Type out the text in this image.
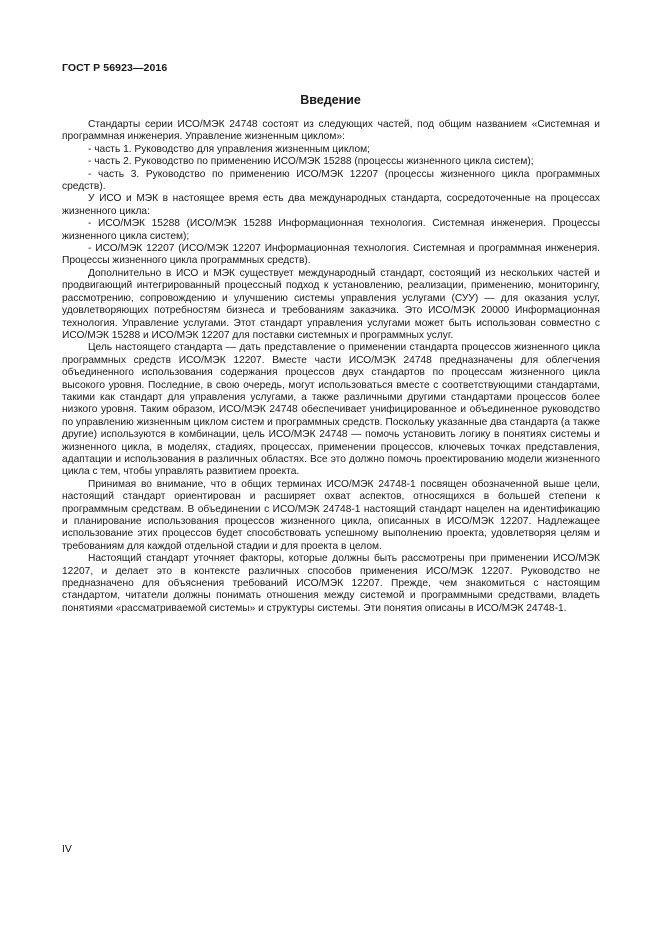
ГОСТ Р 56923—2016
Введение

Стандарты серии ИСО/МЭК 24748 состоят из следующих частей, под общим названием «Системная и программная инженерия. Управление жизненным циклом»:

- часть 1. Руководство для управления жизненным циклом;

- часть 2. Руководство по применению ИСО/МЭК 15288 (процессы жизненного цикла систем);

- часть 3. Руководство по применению ИСО/МЭК 12207 (процессы жизненного цикла программных средств).

У ИСО и МЭК в настоящее время есть два международных стандарта, сосредоточенные на процессах жизненного цикла:

- ИСО/МЭК 15288 (ИСО/МЭК 15288 Информационная технология. Системная инженерия. Процессы жизненного цикла систем);

- ИСО/МЭК 12207 (ИСО/МЭК 12207 Информационная технология. Системная и программная инженерия. Процессы жизненного цикла программных средств).

Дополнительно в ИСО и МЭК существует международный стандарт, состоящий из нескольких частей и продвигающий интегрированный процессный подход к установлению, реализации, применению, мониторингу, рассмотрению, сопровождению и улучшению системы управления услугами (СУУ) — для оказания услуг, удовлетворяющих потребностям бизнеса и требованиям заказчика. Это ИСО/МЭК 20000 Информационная технология. Управление услугами. Этот стандарт управления услугами может быть использован совместно с ИСО/МЭК 15288 и ИСО/МЭК 12207 для поставки системных и программных услуг.

Цель настоящего стандарта — дать представление о применении стандарта процессов жизненного цикла программных средств ИСО/МЭК 12207. Вместе части ИСО/МЭК 24748 предназначены для облегчения объединенного использования содержания процессов двух стандартов по процессам жизненного цикла высокого уровня. Последние, в свою очередь, могут использоваться вместе с соответствующими стандартами, такими как стандарт для управления услугами, а также различными другими стандартами процессов более низкого уровня. Таким образом, ИСО/МЭК 24748 обеспечивает унифицированное и объединенное руководство по управлению жизненным циклом систем и программных средств. Поскольку указанные два стандарта (а также другие) используются в комбинации, цель ИСО/МЭК 24748 — помочь установить логику в понятиях системы и жизненного цикла, в моделях, стадиях, процессах, применении процессов, ключевых точках представления, адаптации и использования в различных областях. Все это должно помочь проектированию модели жизненного цикла с тем, чтобы управлять развитием проекта.

Принимая во внимание, что в общих терминах ИСО/МЭК 24748-1 посвящен обозначенной выше цели, настоящий стандарт ориентирован и расширяет охват аспектов, относящихся в большей степени к программным средствам. В объединении с ИСО/МЭК 24748-1 настоящий стандарт нацелен на идентификацию и планирование использования процессов жизненного цикла, описанных в ИСО/МЭК 12207. Надлежащее использование этих процессов будет способствовать успешному выполнению проекта, удовлетворяя целям и требованиям для каждой отдельной стадии и для проекта в целом.

Настоящий стандарт уточняет факторы, которые должны быть рассмотрены при применении ИСО/МЭК 12207, и делает это в контексте различных способов применения ИСО/МЭК 12207. Руководство не предназначено для объяснения требований ИСО/МЭК 12207. Прежде, чем знакомиться с настоящим стандартом, читатели должны понимать отношения между системой и программными средствами, владеть понятиями «рассматриваемой системы» и структуры системы. Эти понятия описаны в ИСО/МЭК 24748-1.

IV
